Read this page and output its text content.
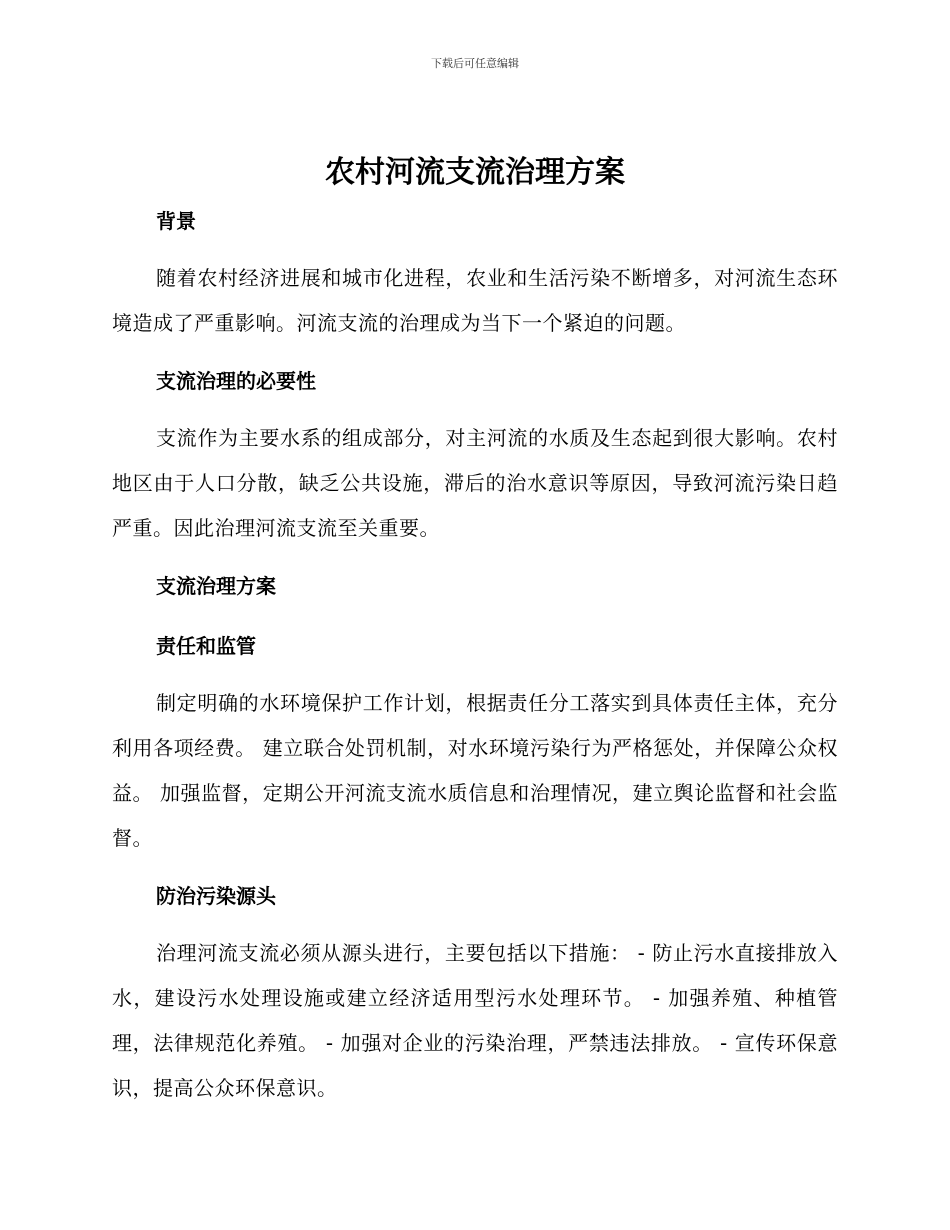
下载后可任意编辑
农村河流支流治理方案
背景

随着农村经济进展和城市化进程，农业和生活污染不断增多，对河流生态环境造成了严重影响。河流支流的治理成为当下一个紧迫的问题。

支流治理的必要性

支流作为主要水系的组成部分，对主河流的水质及生态起到很大影响。农村地区由于人口分散，缺乏公共设施，滞后的治水意识等原因，导致河流污染日趋严重。因此治理河流支流至关重要。

支流治理方案
责任和监管

制定明确的水环境保护工作计划，根据责任分工落实到具体责任主体，充分利用各项经费。 建立联合处罚机制，对水环境污染行为严格惩处，并保障公众权益。 加强监督，定期公开河流支流水质信息和治理情况，建立舆论监督和社会监督。

防治污染源头

治理河流支流必须从源头进行，主要包括以下措施： - 防止污水直接排放入水，建设污水处理设施或建立经济适用型污水处理环节。 - 加强养殖、种植管理，法律规范化养殖。 - 加强对企业的污染治理，严禁违法排放。 - 宣传环保意识，提高公众环保意识。
